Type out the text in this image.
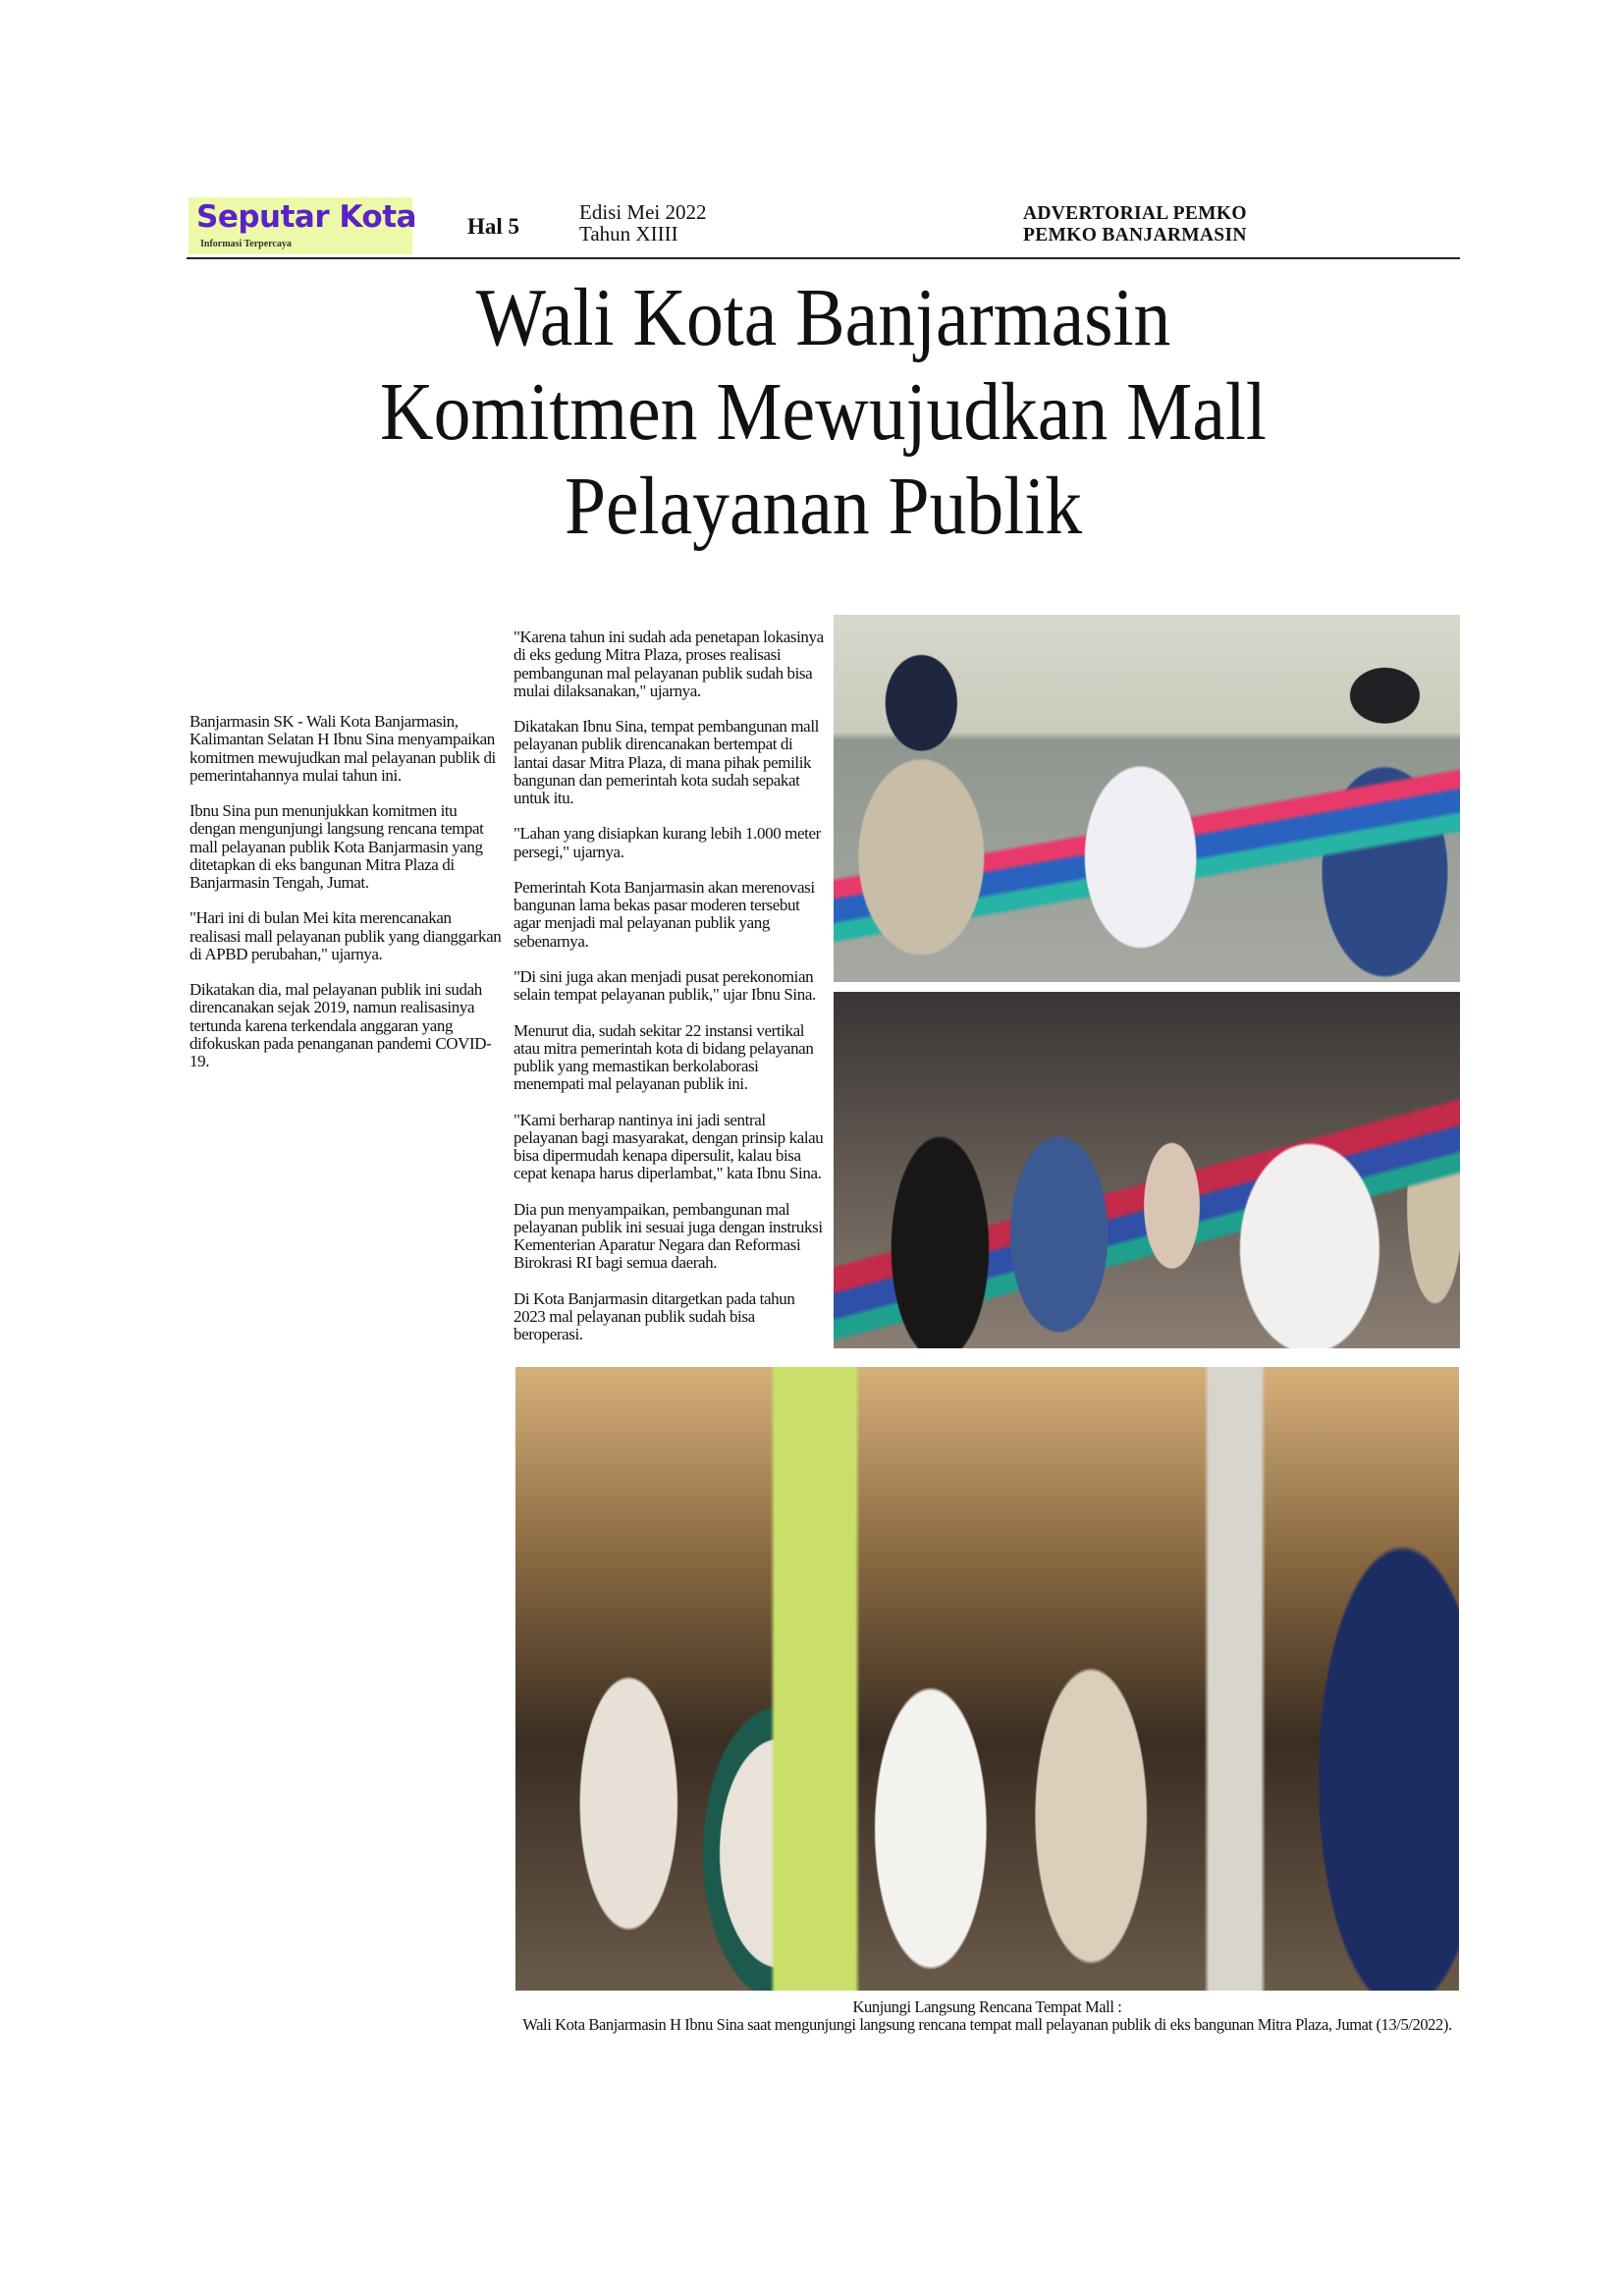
Seputar Kota
Informasi Terpercaya
Hal 5
Edisi Mei 2022
Tahun XIIII
ADVERTORIAL PEMKO
PEMKO BANJARMASIN
Wali Kota Banjarmasin
Komitmen Mewujudkan Mall
Pelayanan Publik

Banjarmasin SK - Wali Kota Banjarmasin, Kalimantan Selatan H Ibnu Sina menyampaikan komitmen mewujudkan mal pelayanan publik di pemerintahannya mulai tahun ini.

Ibnu Sina pun menunjukkan komitmen itu dengan mengunjungi langsung rencana tempat mall pelayanan publik Kota Banjarmasin yang ditetapkan di eks bangunan Mitra Plaza di Banjarmasin Tengah, Jumat.

"Hari ini di bulan Mei kita merencanakan realisasi mall pelayanan publik yang dianggarkan di APBD perubahan," ujarnya.

Dikatakan dia, mal pelayanan publik ini sudah direncanakan sejak 2019, namun realisasinya tertunda karena terkendala anggaran yang difokuskan pada penanganan pandemi COVID-19.

"Karena tahun ini sudah ada penetapan lokasinya di eks gedung Mitra Plaza, proses realisasi pembangunan mal pelayanan publik sudah bisa mulai dilaksanakan," ujarnya.

Dikatakan Ibnu Sina, tempat pembangunan mall pelayanan publik direncanakan bertempat di lantai dasar Mitra Plaza, di mana pihak pemilik bangunan dan pemerintah kota sudah sepakat untuk itu.

"Lahan yang disiapkan kurang lebih 1.000 meter persegi," ujarnya.

Pemerintah Kota Banjarmasin akan merenovasi bangunan lama bekas pasar moderen tersebut agar menjadi mal pelayanan publik yang sebenarnya.

"Di sini juga akan menjadi pusat perekonomian selain tempat pelayanan publik," ujar Ibnu Sina.

Menurut dia, sudah sekitar 22 instansi vertikal atau mitra pemerintah kota di bidang pelayanan publik yang memastikan berkolaborasi menempati mal pelayanan publik ini.

"Kami berharap nantinya ini jadi sentral pelayanan bagi masyarakat, dengan prinsip kalau bisa dipermudah kenapa dipersulit, kalau bisa cepat kenapa harus diperlambat," kata Ibnu Sina.

Dia pun menyampaikan, pembangunan mal pelayanan publik ini sesuai juga dengan instruksi Kementerian Aparatur Negara dan Reformasi Birokrasi RI bagi semua daerah.

Di Kota Banjarmasin ditargetkan pada tahun 2023 mal pelayanan publik sudah bisa beroperasi.

Kunjungi Langsung Rencana Tempat Mall :
Wali Kota Banjarmasin H Ibnu Sina saat mengunjungi langsung rencana tempat mall pelayanan publik di eks bangunan Mitra Plaza, Jumat (13/5/2022).
